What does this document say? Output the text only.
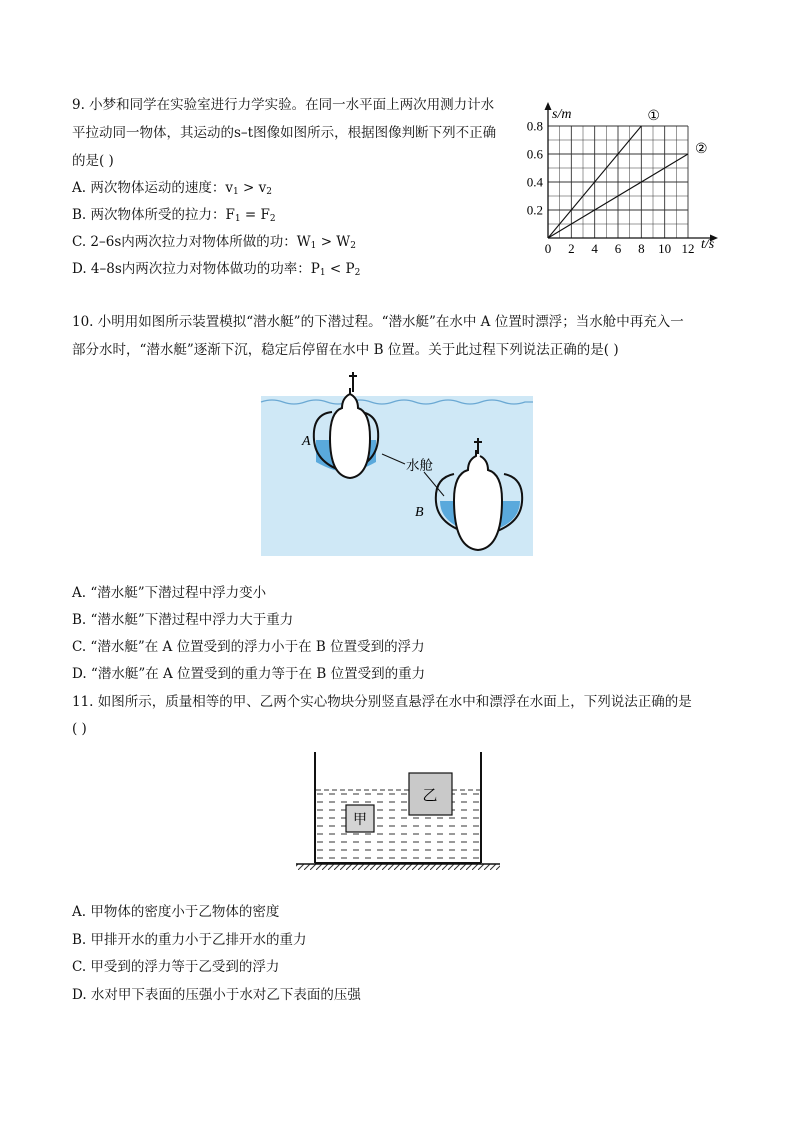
9. 小梦和同学在实验室进行力学实验。在同一水平面上两次用测力计水
平拉动同一物体，其运动的s–t图像如图所示，根据图像判断下列不正确
的是( )
A. 两次物体运动的速度：$v_1 > v_2$
B. 两次物体所受的拉力：$F_1 = F_2$
C. 2–6s内两次拉力对物体所做的功：$W_1 > W_2$
D. 4–8s内两次拉力对物体做功的功率：$P_1 < P_2$
①
②
0 2 4 6 8 10 12
0.2
0.4
0.6
0.8
s/m
t/s
10. 小明用如图所示装置模拟“潜水艇”的下潜过程。“潜水艇”在水中 A 位置时漂浮；当水舱中再充入一
部分水时，“潜水艇”逐渐下沉，稳定后停留在水中 B 位置。关于此过程下列说法正确的是( )
A
B
水舱
A. “潜水艇”下潜过程中浮力变小
B. “潜水艇”下潜过程中浮力大于重力
C. “潜水艇”在 A 位置受到的浮力小于在 B 位置受到的浮力
D. “潜水艇”在 A 位置受到的重力等于在 B 位置受到的重力
11. 如图所示，质量相等的甲、乙两个实心物块分别竖直悬浮在水中和漂浮在水面上，下列说法正确的是
( )
甲
乙
A. 甲物体的密度小于乙物体的密度
B. 甲排开水的重力小于乙排开水的重力
C. 甲受到的浮力等于乙受到的浮力
D. 水对甲下表面的压强小于水对乙下表面的压强
